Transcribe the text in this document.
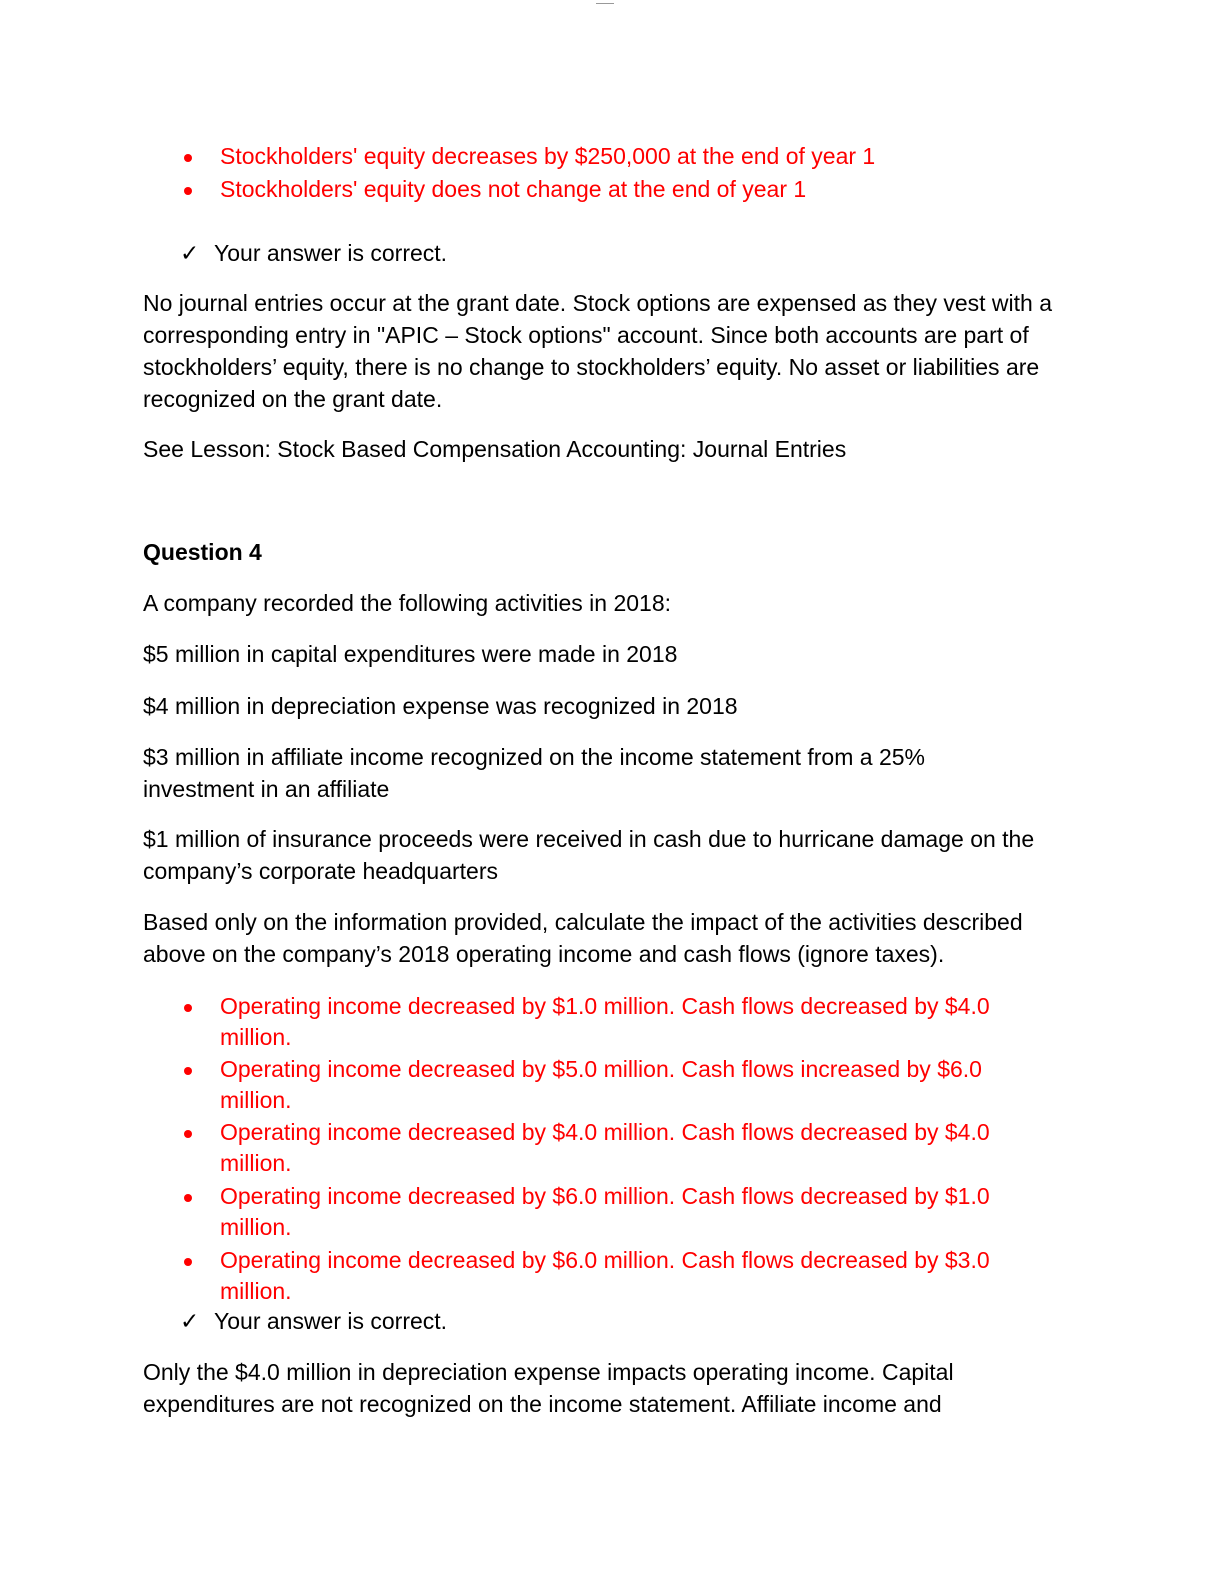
Stockholders' equity decreases by $250,000 at the end of year 1
Stockholders' equity does not change at the end of year 1
✓ Your answer is correct.
No journal entries occur at the grant date. Stock options are expensed as they vest with a corresponding entry in "APIC – Stock options" account. Since both accounts are part of stockholders’ equity, there is no change to stockholders’ equity. No asset or liabilities are recognized on the grant date.
See Lesson: Stock Based Compensation Accounting: Journal Entries
Question 4
A company recorded the following activities in 2018:
$5 million in capital expenditures were made in 2018
$4 million in depreciation expense was recognized in 2018
$3 million in affiliate income recognized on the income statement from a 25% investment in an affiliate
$1 million of insurance proceeds were received in cash due to hurricane damage on the company’s corporate headquarters
Based only on the information provided, calculate the impact of the activities described above on the company’s 2018 operating income and cash flows (ignore taxes).
Operating income decreased by $1.0 million. Cash flows decreased by $4.0 million.
Operating income decreased by $5.0 million. Cash flows increased by $6.0 million.
Operating income decreased by $4.0 million. Cash flows decreased by $4.0 million.
Operating income decreased by $6.0 million. Cash flows decreased by $1.0 million.
Operating income decreased by $6.0 million. Cash flows decreased by $3.0 million.
✓ Your answer is correct.
Only the $4.0 million in depreciation expense impacts operating income. Capital expenditures are not recognized on the income statement. Affiliate income and
